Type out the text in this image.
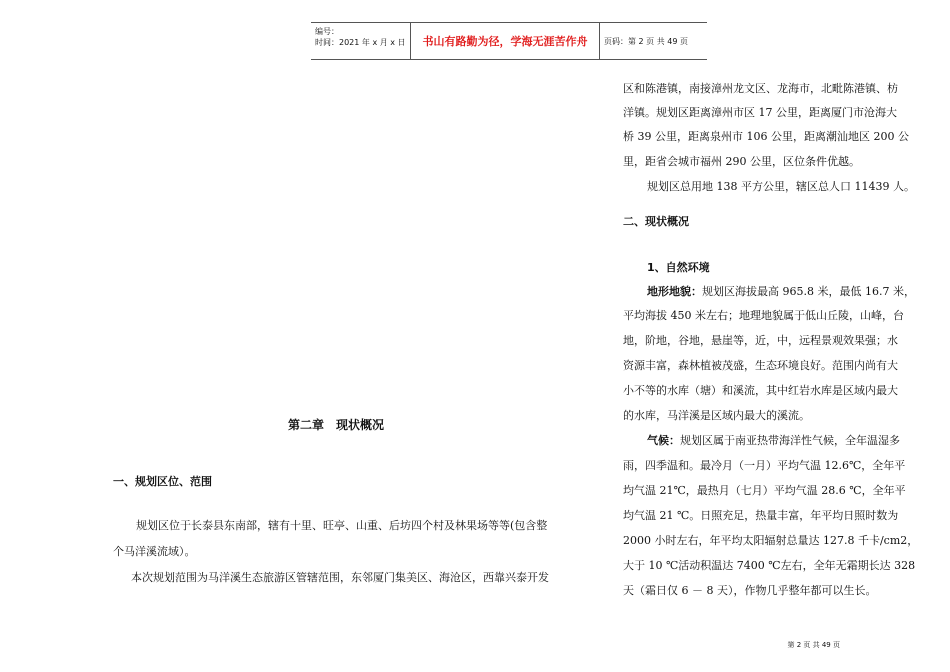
编号：
时间：2021 年 x 月 x 日	书山有路勤为径，学海无涯苦作舟	页码：第 2 页 共 49 页
第二章　现状概况
一、规划区位、范围
规划区位于长泰县东南部，辖有十里、旺亭、山重、后坊四个村及林果场等等(包含整
个马洋溪流域）。
本次规划范围为马洋溪生态旅游区管辖范围，东邻厦门集美区、海沧区，西靠兴泰开发
区和陈港镇，南接漳州龙文区、龙海市，北毗陈港镇、枋
洋镇。规划区距离漳州市区 17 公里，距离厦门市沧海大
桥 39 公里，距离泉州市 106 公里，距离潮汕地区 200 公
里，距省会城市福州 290 公里，区位条件优越。
规划区总用地 138 平方公里，辖区总人口 11439 人。
二、现状概况
1、自然环境
地形地貌：规划区海拔最高 965.8 米，最低 16.7 米，
平均海拔 450 米左右；地理地貌属于低山丘陵，山峰，台
地，阶地，谷地，悬崖等，近，中，远程景观效果强；水
资源丰富，森林植被茂盛，生态环境良好。范围内尚有大
小不等的水库（塘）和溪流，其中红岩水库是区域内最大
的水库，马洋溪是区域内最大的溪流。
气候：规划区属于南亚热带海洋性气候，全年温湿多
雨，四季温和。最冷月（一月）平均气温 12.6℃，全年平
均气温 21℃，最热月（七月）平均气温 28.6 ℃，全年平
均气温 21 ℃。日照充足，热量丰富，年平均日照时数为
2000 小时左右，年平均太阳辐射总量达 127.8 千卡/cm2，
大于 10 ℃活动积温达 7400 ℃左右，全年无霜期长达 328
天（霜日仅 6 － 8 天），作物几乎整年都可以生长。
第 2 页 共 49 页
